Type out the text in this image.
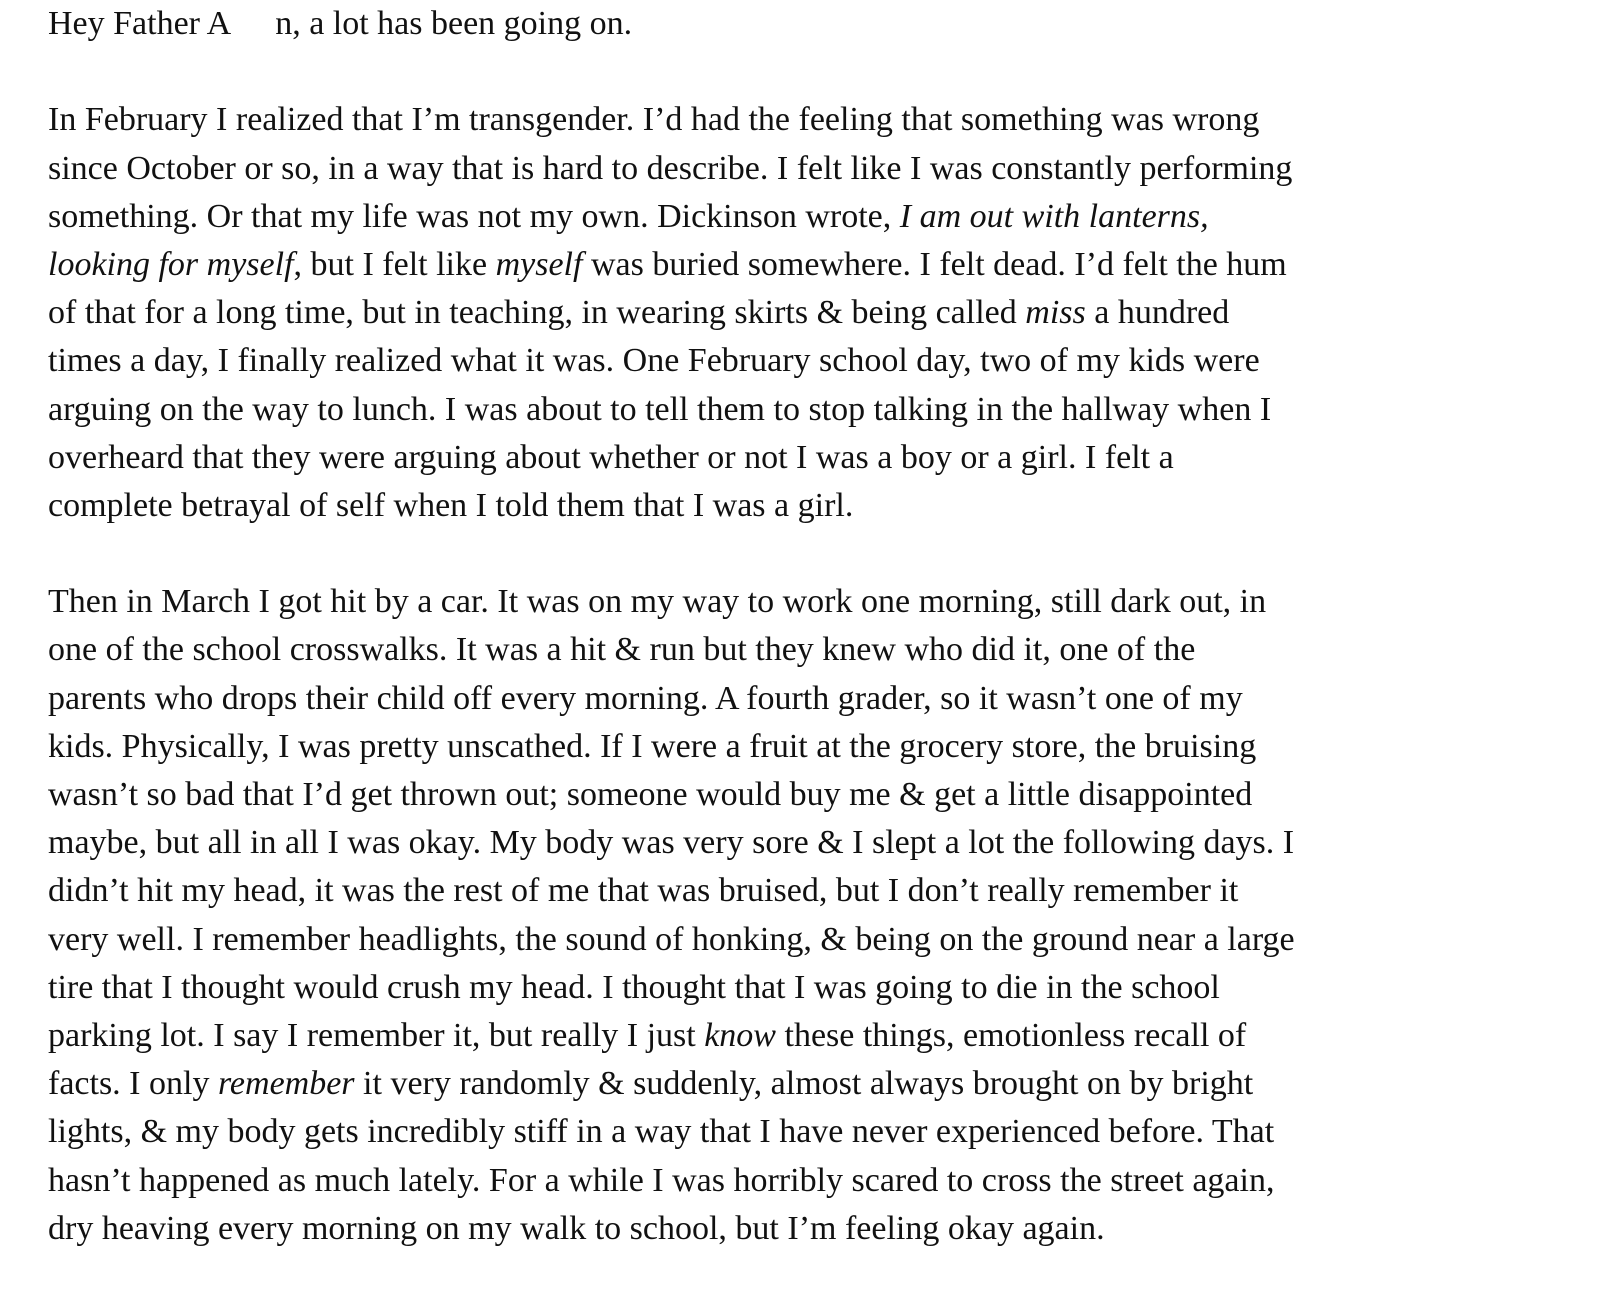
Hey Father A n, a lot has been going on.
In February I realized that I’m transgender. I’d had the feeling that something was wrong
since October or so, in a way that is hard to describe. I felt like I was constantly performing
something. Or that my life was not my own. Dickinson wrote, I am out with lanterns,
looking for myself, but I felt like myself was buried somewhere. I felt dead. I’d felt the hum
of that for a long time, but in teaching, in wearing skirts & being called miss a hundred
times a day, I finally realized what it was. One February school day, two of my kids were
arguing on the way to lunch. I was about to tell them to stop talking in the hallway when I
overheard that they were arguing about whether or not I was a boy or a girl. I felt a
complete betrayal of self when I told them that I was a girl.
Then in March I got hit by a car. It was on my way to work one morning, still dark out, in
one of the school crosswalks. It was a hit & run but they knew who did it, one of the
parents who drops their child off every morning. A fourth grader, so it wasn’t one of my
kids. Physically, I was pretty unscathed. If I were a fruit at the grocery store, the bruising
wasn’t so bad that I’d get thrown out; someone would buy me & get a little disappointed
maybe, but all in all I was okay. My body was very sore & I slept a lot the following days. I
didn’t hit my head, it was the rest of me that was bruised, but I don’t really remember it
very well. I remember headlights, the sound of honking, & being on the ground near a large
tire that I thought would crush my head. I thought that I was going to die in the school
parking lot. I say I remember it, but really I just know these things, emotionless recall of
facts. I only remember it very randomly & suddenly, almost always brought on by bright
lights, & my body gets incredibly stiff in a way that I have never experienced before. That
hasn’t happened as much lately. For a while I was horribly scared to cross the street again,
dry heaving every morning on my walk to school, but I’m feeling okay again.
